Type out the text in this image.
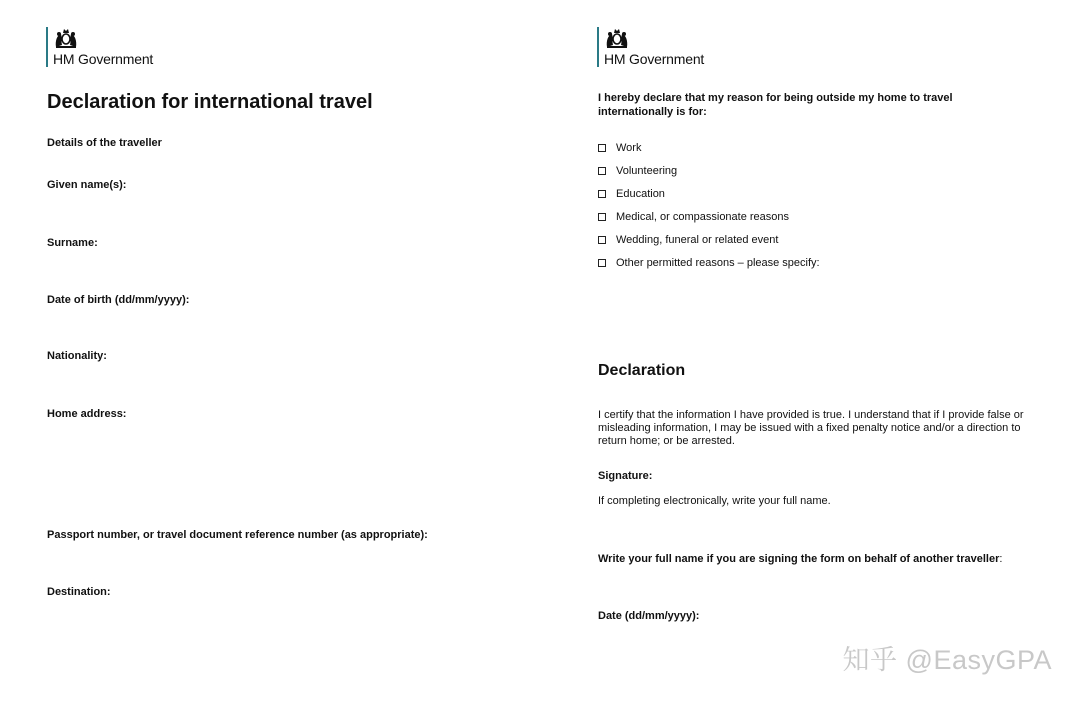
HM Government
Declaration for international travel
Details of the traveller
Given name(s):
Surname:
Date of birth (dd/mm/yyyy):
Nationality:
Home address:
Passport number, or travel document reference number (as appropriate):
Destination:
HM Government
I hereby declare that my reason for being outside my home to travel internationally is for:
Work
Volunteering
Education
Medical, or compassionate reasons
Wedding, funeral or related event
Other permitted reasons – please specify:
Declaration
I certify that the information I have provided is true. I understand that if I provide false or misleading information, I may be issued with a fixed penalty notice and/or a direction to return home; or be arrested.
Signature:
If completing electronically, write your full name.
Write your full name if you are signing the form on behalf of another traveller:
Date (dd/mm/yyyy):
知乎 @EasyGPA
